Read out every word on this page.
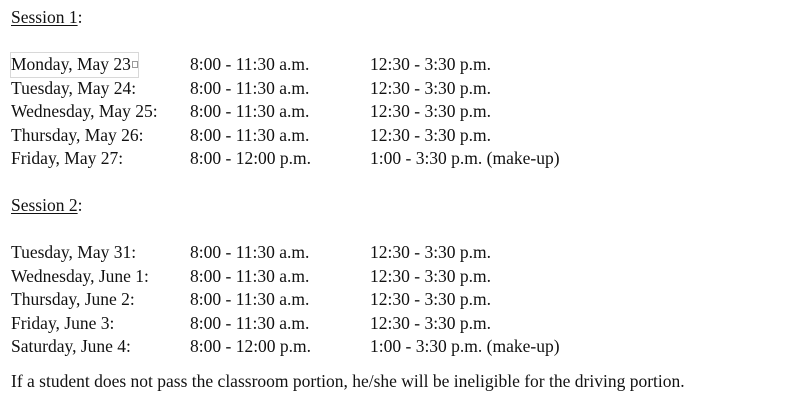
Session 1:
Monday, May 23	8:00 - 11:30 a.m.	12:30 - 3:30 p.m.
Tuesday, May 24:	8:00 - 11:30 a.m.	12:30 - 3:30 p.m.
Wednesday, May 25: 8:00 - 11:30 a.m.	12:30 - 3:30 p.m.
Thursday, May 26:	8:00 - 11:30 a.m.	12:30 - 3:30 p.m.
Friday, May 27:	8:00 - 12:00 p.m.	1:00 - 3:30 p.m. (make-up)
Session 2:
Tuesday, May 31:	8:00 - 11:30 a.m.	12:30 - 3:30 p.m.
Wednesday, June 1: 8:00 - 11:30 a.m.	12:30 - 3:30 p.m.
Thursday, June 2:	8:00 - 11:30 a.m.	12:30 - 3:30 p.m.
Friday, June 3:	8:00 - 11:30 a.m.	12:30 - 3:30 p.m.
Saturday, June 4:	8:00 - 12:00 p.m.	1:00 - 3:30 p.m. (make-up)
If a student does not pass the classroom portion, he/she will be ineligible for the driving portion.
